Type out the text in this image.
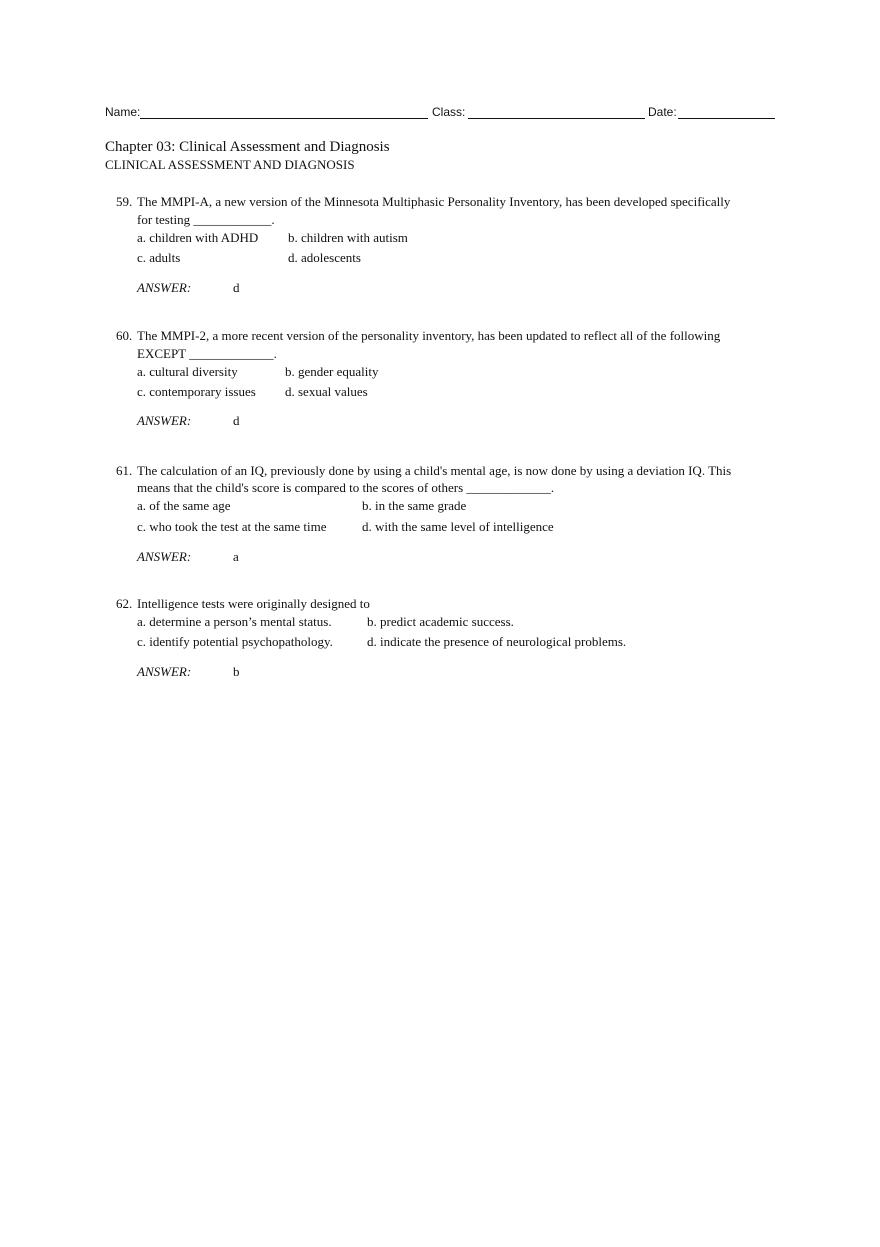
Name:	Class:	Date:
Chapter 03: Clinical Assessment and Diagnosis
CLINICAL ASSESSMENT AND DIAGNOSIS
59. The MMPI-A, a new version of the Minnesota Multiphasic Personality Inventory, has been developed specifically
for testing ____________.
a. children with ADHD b. children with autism
c. adults	d. adolescents
ANSWER:	d
60. The MMPI-2, a more recent version of the personality inventory, has been updated to reflect all of the following
EXCEPT _____________.
a. cultural diversity	b. gender equality
c. contemporary issues d. sexual values
ANSWER:	d
61. The calculation of an IQ, previously done by using a child's mental age, is now done by using a deviation IQ. This
means that the child's score is compared to the scores of others _____________.
a. of the same age	b. in the same grade
c. who took the test at the same time	d. with the same level of intelligence
ANSWER:	a
62. Intelligence tests were originally designed to
a. determine a person’s mental status.	b. predict academic success.
c. identify potential psychopathology.	d. indicate the presence of neurological problems.
ANSWER:	b
